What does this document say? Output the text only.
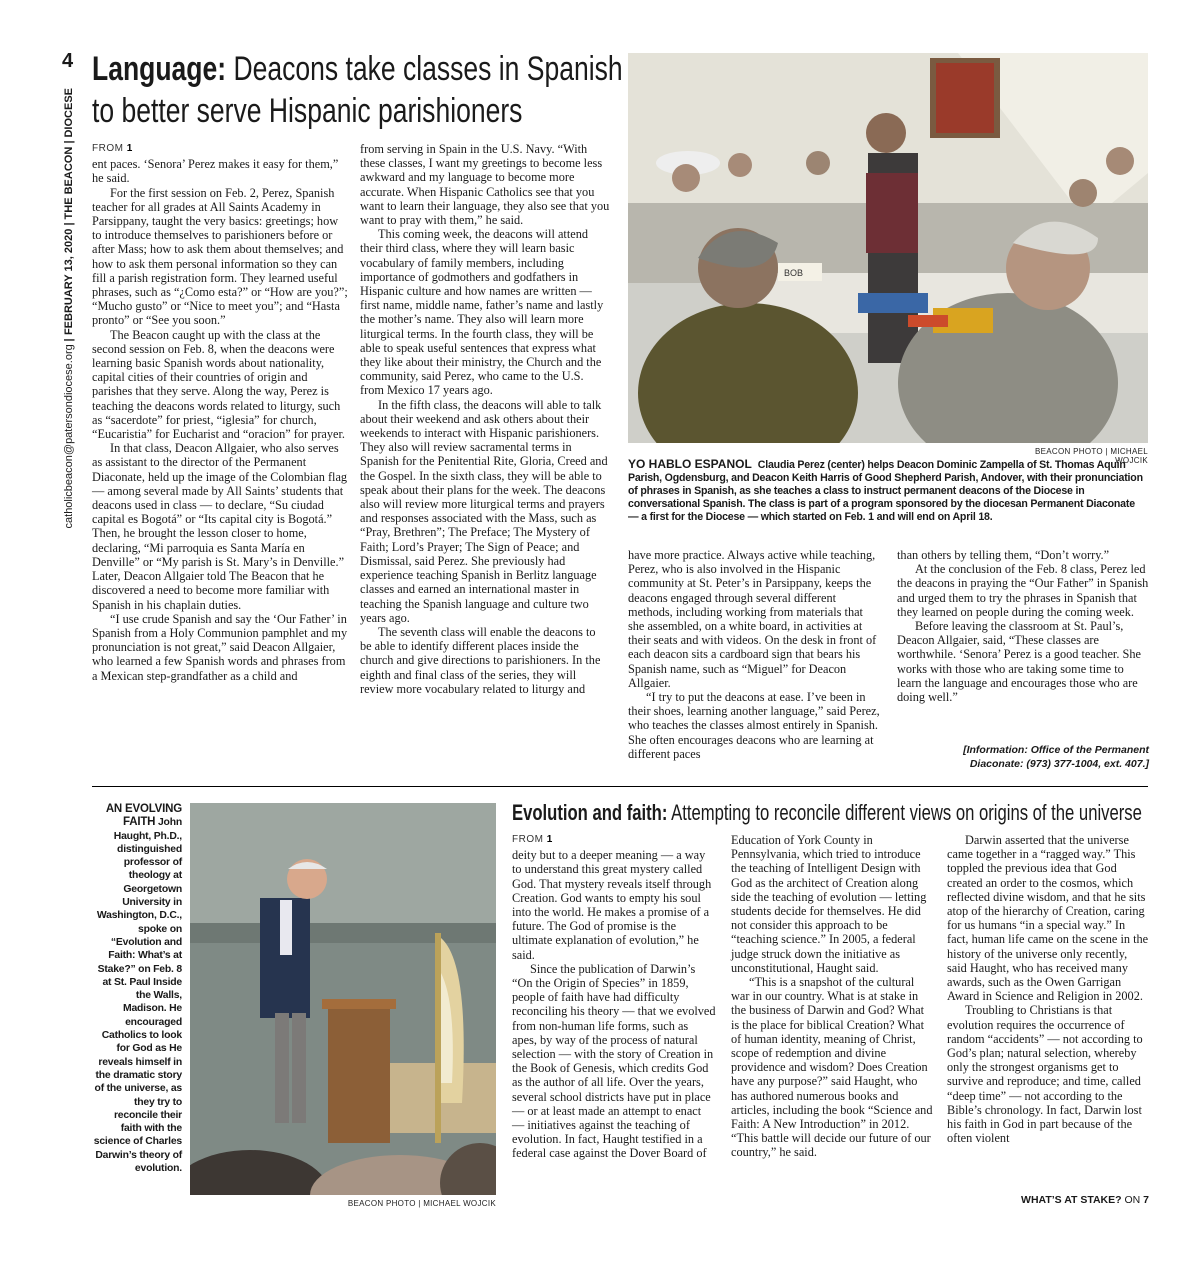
4
catholicbeacon@patersondiocese.org | FEBRUARY 13, 2020 | THE BEACON | DIOCESE
Language: Deacons take classes in Spanish
to better serve Hispanic parishioners
FROM 1

ent paces. ‘Senora’ Perez makes it easy for them,” he said.

For the first session on Feb. 2, Perez, Spanish teacher for all grades at All Saints Academy in Parsippany, taught the very basics: greetings; how to introduce themselves to parishioners before or after Mass; how to ask them about themselves; and how to ask them personal information so they can fill a parish registration form. They learned useful phrases, such as “¿Como esta?” or “How are you?”; “Mucho gusto” or “Nice to meet you”; and “Hasta pronto” or “See you soon.”

The Beacon caught up with the class at the second session on Feb. 8, when the deacons were learning basic Spanish words about nationality, capital cities of their countries of origin and parishes that they serve. Along the way, Perez is teaching the deacons words related to liturgy, such as “sacerdote” for priest, “iglesia” for church, “Eucaristia” for Eucharist and “oracion” for prayer.

In that class, Deacon Allgaier, who also serves as assistant to the director of the Permanent Diaconate, held up the image of the Colombian flag — among several made by All Saints’ students that deacons used in class — to declare, “Su ciudad capital es Bogotá” or “Its capital city is Bogotá.” Then, he brought the lesson closer to home, declaring, “Mi parroquia es Santa María en Denville” or “My parish is St. Mary’s in Denville.” Later, Deacon Allgaier told The Beacon that he discovered a need to become more familiar with Spanish in his chaplain duties.

“I use crude Spanish and say the ‘Our Father’ in Spanish from a Holy Communion pamphlet and my pronunciation is not great,” said Deacon Allgaier, who learned a few Spanish words and phrases from a Mexican step-grandfather as a child and

from serving in Spain in the U.S. Navy. “With these classes, I want my greetings to become less awkward and my language to become more accurate. When Hispanic Catholics see that you want to learn their language, they also see that you want to pray with them,” he said.

This coming week, the deacons will attend their third class, where they will learn basic vocabulary of family members, including importance of godmothers and godfathers in Hispanic culture and how names are written — first name, middle name, father’s name and lastly the mother’s name. They also will learn more liturgical terms. In the fourth class, they will be able to speak useful sentences that express what they like about their ministry, the Church and the community, said Perez, who came to the U.S. from Mexico 17 years ago.

In the fifth class, the deacons will able to talk about their weekend and ask others about their weekends to interact with Hispanic parishioners. They also will review sacramental terms in Spanish for the Penitential Rite, Gloria, Creed and the Gospel. In the sixth class, they will be able to speak about their plans for the week. The deacons also will review more liturgical terms and prayers and responses associated with the Mass, such as “Pray, Brethren”; The Preface; The Mystery of Faith; Lord’s Prayer; The Sign of Peace; and Dismissal, said Perez. She previously had experience teaching Spanish in Berlitz language classes and earned an international master in teaching the Spanish language and culture two years ago.

The seventh class will enable the deacons to be able to identify different places inside the church and give directions to parishioners. In the eighth and final class of the series, they will review more vocabulary related to liturgy and

BOB
BEACON PHOTO | MICHAEL WOJCIK
YO HABLO ESPANOL Claudia Perez (center) helps Deacon Dominic Zampella of St. Thomas Aquin Parish, Ogdensburg, and Deacon Keith Harris of Good Shepherd Parish, Andover, with their pronunciation of phrases in Spanish, as she teaches a class to instruct permanent deacons of the Diocese in conversational Spanish. The class is part of a program sponsored by the diocesan Permanent Diaconate — a first for the Diocese — which started on Feb. 1 and will end on April 18.

have more practice. Always active while teaching, Perez, who is also involved in the Hispanic community at St. Peter’s in Parsippany, keeps the deacons engaged through several different methods, including working from materials that she assembled, on a white board, in activities at their seats and with videos. On the desk in front of each deacon sits a cardboard sign that bears his Spanish name, such as “Miguel” for Deacon Allgaier.

“I try to put the deacons at ease. I’ve been in their shoes, learning another language,” said Perez, who teaches the classes almost entirely in Spanish. She often encourages deacons who are learning at different paces

than others by telling them, “Don’t worry.”

At the conclusion of the Feb. 8 class, Perez led the deacons in praying the “Our Father” in Spanish and urged them to try the phrases in Spanish that they learned on people during the coming week.

Before leaving the classroom at St. Paul’s, Deacon Allgaier, said, “These classes are worthwhile. ‘Senora’ Perez is a good teacher. She works with those who are taking some time to learn the language and encourages those who are doing well.”

[Information: Office of the Permanent
Diaconate: (973) 377-1004, ext. 407.]
AN EVOLVING FAITH John Haught, Ph.D., distinguished professor of theology at Georgetown University in Washington, D.C., spoke on “Evolution and Faith: What’s at Stake?” on Feb. 8 at St. Paul Inside the Walls, Madison. He encouraged Catholics to look for God as He reveals himself in the dramatic story of the universe, as they try to reconcile their faith with the science of Charles Darwin’s theory of evolution.
BEACON PHOTO | MICHAEL WOJCIK
Evolution and faith: Attempting to reconcile different views on origins of the universe
FROM 1

deity but to a deeper meaning — a way to understand this great mystery called God. That mystery reveals itself through Creation. God wants to empty his soul into the world. He makes a promise of a future. The God of promise is the ultimate explanation of evolution,” he said.

Since the publication of Darwin’s “On the Origin of Species” in 1859, people of faith have had difficulty reconciling his theory — that we evolved from non-human life forms, such as apes, by way of the process of natural selection — with the story of Creation in the Book of Genesis, which credits God as the author of all life. Over the years, several school districts have put in place — or at least made an attempt to enact — initiatives against the teaching of evolution. In fact, Haught testified in a federal case against the Dover Board of

Education of York County in Pennsylvania, which tried to introduce the teaching of Intelligent Design with God as the architect of Creation along side the teaching of evolution — letting students decide for themselves. He did not consider this approach to be “teaching science.” In 2005, a federal judge struck down the initiative as unconstitutional, Haught said.

“This is a snapshot of the cultural war in our country. What is at stake in the business of Darwin and God? What is the place for biblical Creation? What of human identity, meaning of Christ, scope of redemption and divine providence and wisdom? Does Creation have any purpose?” said Haught, who has authored numerous books and articles, including the book “Science and Faith: A New Introduction” in 2012. “This battle will decide our future of our country,” he said.

Darwin asserted that the universe came together in a “ragged way.” This toppled the previous idea that God created an order to the cosmos, which reflected divine wisdom, and that he sits atop of the hierarchy of Creation, caring for us humans “in a special way.” In fact, human life came on the scene in the history of the universe only recently, said Haught, who has received many awards, such as the Owen Garrigan Award in Science and Religion in 2002.

Troubling to Christians is that evolution requires the occurrence of random “accidents” — not according to God’s plan; natural selection, whereby only the strongest organisms get to survive and reproduce; and time, called “deep time” — not according to the Bible’s chronology. In fact, Darwin lost his faith in God in part because of the often violent

WHAT’S AT STAKE? ON 7
